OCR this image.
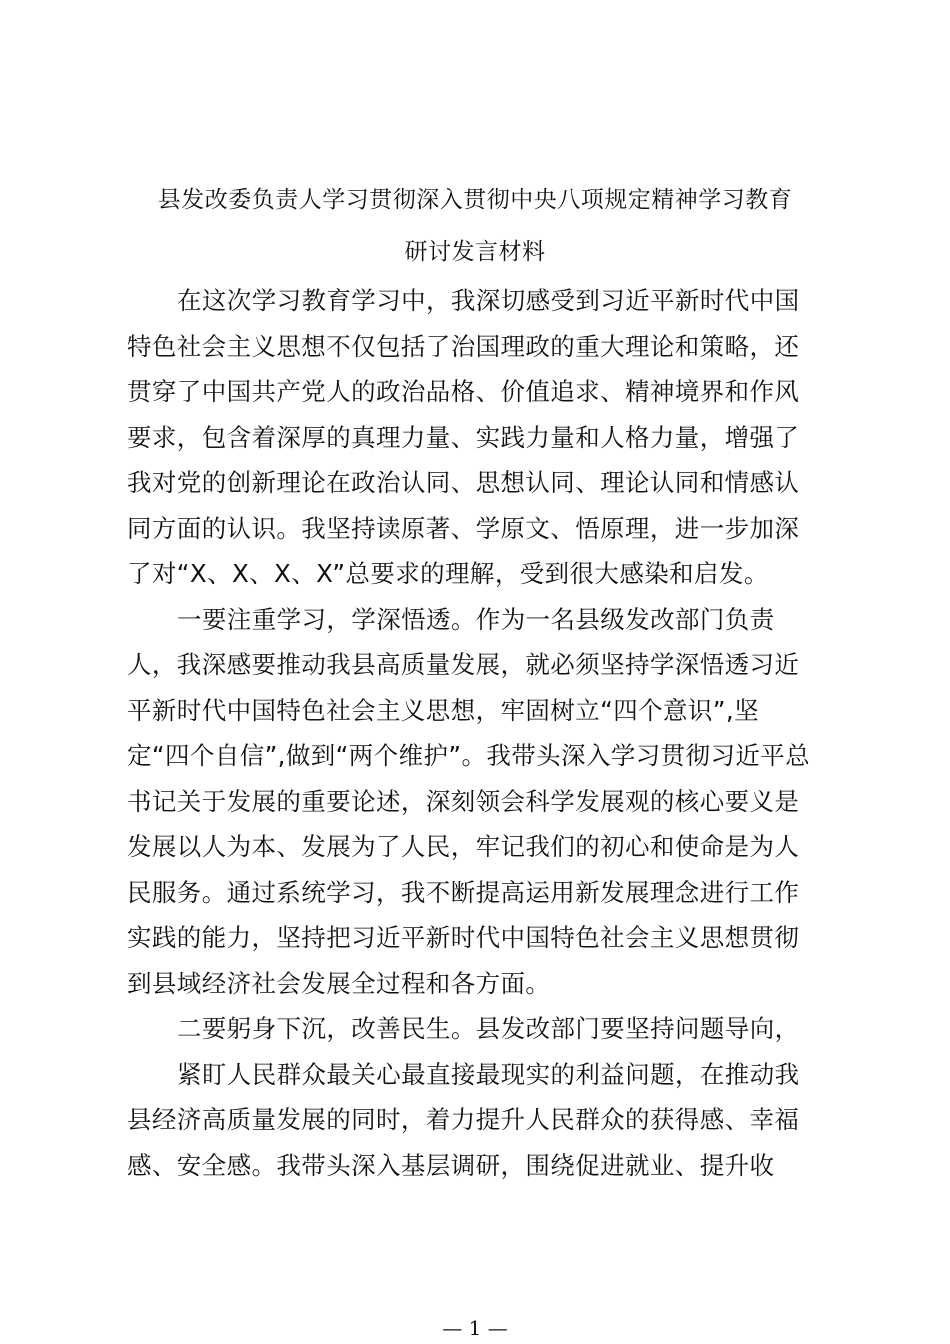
县发改委负责人学习贯彻深入贯彻中央八项规定精神学习教育
研讨发言材料
在这次学习教育学习中，我深切感受到习近平新时代中国
特色社会主义思想不仅包括了治国理政的重大理论和策略，还
贯穿了中国共产党人的政治品格、价值追求、精神境界和作风
要求，包含着深厚的真理力量、实践力量和人格力量，增强了
我对党的创新理论在政治认同、思想认同、理论认同和情感认
同方面的认识。我坚持读原著、学原文、悟原理，进一步加深
了对“X、X、X、X”总要求的理解，受到很大感染和启发。
一要注重学习，学深悟透。作为一名县级发改部门负责
人，我深感要推动我县高质量发展，就必须坚持学深悟透习近
平新时代中国特色社会主义思想，牢固树立“四个意识”,坚
定“四个自信”,做到“两个维护”。我带头深入学习贯彻习近平总
书记关于发展的重要论述，深刻领会科学发展观的核心要义是
发展以人为本、发展为了人民，牢记我们的初心和使命是为人
民服务。通过系统学习，我不断提高运用新发展理念进行工作
实践的能力，坚持把习近平新时代中国特色社会主义思想贯彻
到县域经济社会发展全过程和各方面。
二要躬身下沉，改善民生。县发改部门要坚持问题导向，
紧盯人民群众最关心最直接最现实的利益问题，在推动我
县经济高质量发展的同时，着力提升人民群众的获得感、幸福
感、安全感。我带头深入基层调研，围绕促进就业、提升收
— 1 —
